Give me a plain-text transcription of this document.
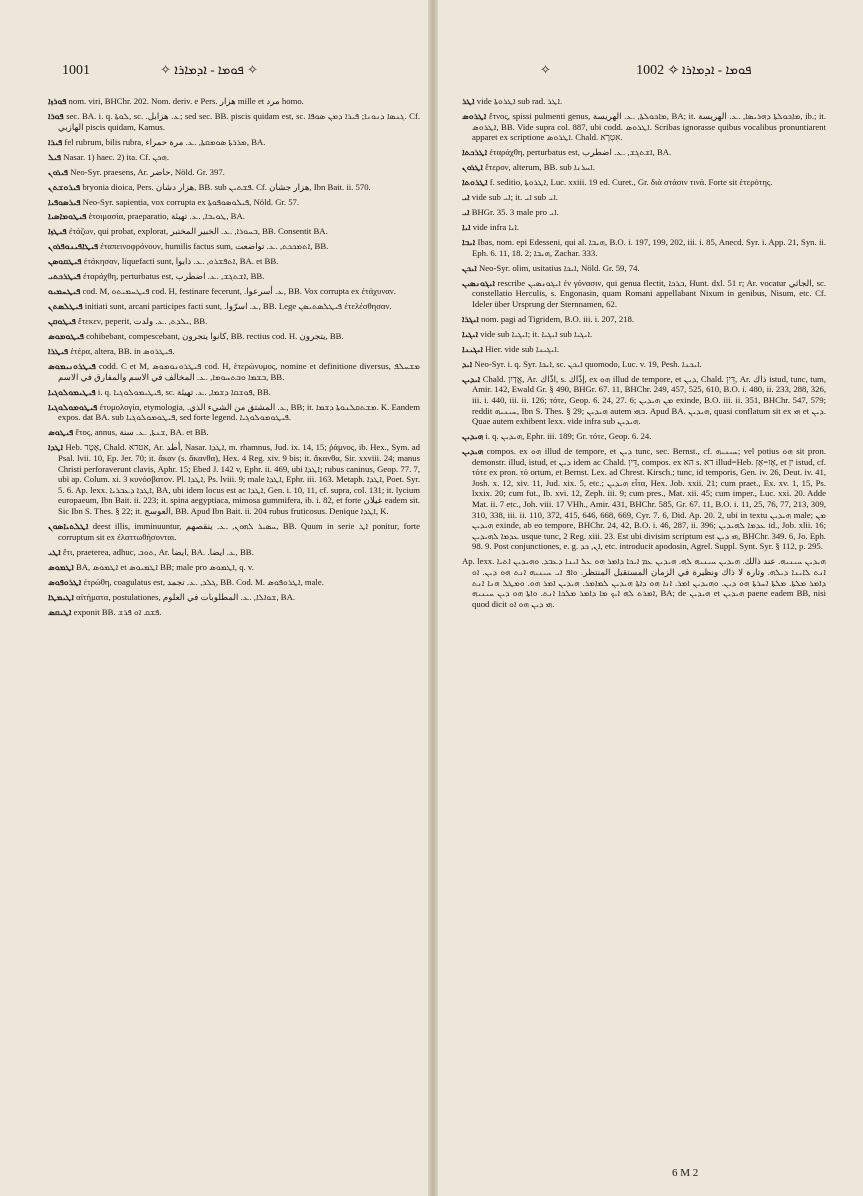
1001	✧ ܦܘܡܐ - ܐܕܡܐܪܐ ✧	✧ ܦܘܡܐ - ܐܕܡܐܪܐ ✧ 1002

ܦܘܪܙܐ nom. viri, BHChr. 202. Nom. deriv. e Pers. هزار mille et مرد homo.

ܦܘܪܐ sec. BA. i. q. ܠܘܬܐ, sc. .ܥ. هزابل; sed sec. BB. piscis quidam est, sc. ܓܢܣܐ ܕܢܘܢܐ; ܦܝܪܐ ܕܡܢ ܣܘܦܐ. Cf. الهازبي piscis quidam, Kamus.

ܦܝܪܐ fel rubrum, bilis rubra, ܡܪܪܬܐ ܣܘܡܩܬܐ, .ܥ. مرة حمراء, BA.

ܦܝܠ Nasar. 1) haec. 2) ita. Cf. ܗܟܢ.

ܦܝܪܘܢ Neo-Syr. praesens, Ar. حاضر, Nöld. Gr. 397.

ܦܝܪܘܫܬܢ bryonia dioica, Pers. هزار دشان, BB. sub ܦܫܬܝܢ. Cf. هزار جشان, Ibn Bait. ii. 570.

ܦܝܪܣܘܦܝܐ Neo-Syr. sapientia, vox corrupta ex ܦܝܠܘܣܘܦܘܬܐ, Nöld. Gr. 57.

ܦܝܛܘܡܐܣܝܐ ἑτοιμασία, praeparatio, ܛܘܝܒܐ, .ܥ. تهيئة, BA.

ܦܝܛܙܐ ἐτάζων, qui probat, explorat, ܒܚܘܪܐ, .ܥ. الخبير المختبر, BB. Consentit BA.

ܦܝܛܐܦܝܢܘܦܪܘܢ ἐταπεινοφρόνουν, humilis factus sum, ܐܬܡܟܟܬ, .ܥ. تواضعت, BB.

ܦܝܛܩܘܣܢ ἐτάκησαν, liquefacti sunt, ܐܬܦܫܪܘ, .ܥ. ذابوا, BA. et BB.

ܦܝܛܪܟܬܝ ἐταράχθη, perturbatus est, ܐܫܬܓܫ, .ܥ. اضطرب, BB.

ܦܝܛܚܡܝܘ cod. M, ܦܝܛܚܡܝܬܘ cod. H, festinare fecerunt, .ܥ. أسرعوا, BB. Vox corrupta ex ἐτάχυναν.

ܦܝܛܠܣܬܢ initiati sunt, arcani participes facti sunt, .ܥ. اسرّوا, BB. Lege ܦܝܛܠܣܬܝܣܢ ἐτελέσθησαν.

ܦܝܛܘܩܢ ἔτεκεν, peperit, ܝܠܕܬ, .ܥ. ولدت, BB.

ܦܝܛܘܡܘܣ cohibebant, compescebant, كانوا يتجرون, BB. rectius cod. H. يتجرون, BB.

ܦܝܛܪܐ ἑτέρα, altera, BB. in ܦܝܛܪܘܣ.

ܦܝܛܪܘܢܝܡܘܣ codd. C et M, ܦܝܛܪܘܢܘܡܘܣ cod. H, ἑτερώνυμος, nomine et definitione diversus, ܡܫܚܠܦ ܒܫܡܐ ܘܒܬܚܘܡܐ, .ܥ. المخالف في الاسم والمفارق في الاسم, BB.

ܦܝܛܝܡܘܠܘܓܝܐ i. q. ܦܝܛܝܡܘܠܘܓܝܐ, sc. ܦܘܫܩܐ ܕܫܡܐ, .ܥ. تهيئة, BB.

ܦܝܛܘܡܘܠܘܓܝܐ ἐτυμολογία, etymologia, .ܥ. المشتق من الشيء الذي, BB; it. ܡܫܬܩܠܢܘܬܐ ܕܫܡܐ. K. Eandem expos. dat BA. sub ܦܝܛܘܡܘܠܘܓܝܐ, sed forte legend. ܦܝܛܘܡܘܠܘܓܝܐ.

ܦܝܛܘܣ ἔτος, annus, ܫܢܬܐ, .ܥ. سنة, BA. et BB.

ܐܛܕܐ Heb. אָטָד, Chald. אטדא, Ar. أطد, Nasar. ܐܛܕܐ, m. rhamnus, Jud. ix. 14, 15; ῥάμνος, ib. Hex., Sym. ad Psal. lvii. 10, Ep. Jer. 70; it. ἄκαν (s. ἄκανθα), Hex. 4 Reg. xiv. 9 bis; it. ἄκανθα, Sir. xxviii. 24; manus Christi perforaverunt clavis, Aphr. 15; Ebed J. 142 v, Ephr. ii. 469, ubi ܐܛܕܐ; rubus caninus, Geop. 77. 7, ubi ap. Colum. xi. 3 κυνόσβατον. Pl. ܐܛܕܐ, Ps. lviii. 9; male ܐܛܕܐ, Ephr. iii. 163. Metaph. ܐܛܕܐ, Poet. Syr. 5. 6. Ap. lexx. ܐܛܕܐ ܕܥܒܪܝܐ, BA, ubi idem locus est ac ܐܛܕܐ, Gen. i. 10, 11, cf. supra, col. 131; it. lycium europaeum, Ibn Bait. ii. 223; it. spina aegyptiaca, mimosa gummifera, ib. i. 82, et forte غيلان eadem sit. Sic Ibn S. Thes. § 22; it. العوسج, BB. Apud Ibn Bait. ii. 204 rubus fruticosus. Denique ܐܛܕܐ, K.

ܐܛܠܬܝܐܣܘܢ deest illis, imminuuntur, ܚܣܝܪ ܠܗܘܢ, .ܥ. ينقصهم, BB. Quum in serie ܐܛ ponitur, forte corruptum sit ex ἐλαττωθήσονται.

ܐܛܝ ἔτι, praeterea, adhuc, ܬܘܒ, Ar. ايضا, BA. .ܥ. ايضا, BB.

ܐܛܡܘܣ BA, ܐܛܡܘܣ et ܐܛܡܝܘܣ BB; male pro ܐܛܡܘܣ, q. v.

ܐܛܪܘܦܘܣ ἐτρώθη, coagulatus est, ܓܠܕ, .ܥ. تجمد, BB. Cod. M. ܐܛܪܘܦܘܣ, male.

ܐܛܝܡܛܐ αἰτήματα, postulationes, ܫܘܐܠܐ, .ܥ. المطلوبات في العلوم, BA.

ܐܛܝܩܣ exponit BB. ܦܫܩ ܐܘ ܦܪܫ.

ܐܛܪ vide ܐܛܪܘܬܐ sub rad. ܐܛܪ.

ܐܛܪܘܣ ἔτνος, spissi pulmenti genus, ܡܐܟܘܠܬܐ, .ܥ. الهريسة, BA; it. ܡܐܟܘܠܬܐ ܕܗܪܝܣܐ, .ܥ. الهريسة, ib.; it. ܐܛܪܘܣ, BB. Vide supra col. 887, ubi codd. ܐܛܪܘܣ. Scribas ignorasse quibus vocalibus pronuntiarent apparet ex scriptione ܐܛܪܘܣ. Chald. אִטְרָא.

ܐܛܪܟܬܐ ἐταράχθη, perturbatus est, ܐܫܬܓܫ, .ܥ. اضطرب, BA.

ܐܛܪܘܢ ἕτερον, alterum, BB. sub ܐܚܪܢܐ.

ܐܛܪܘܬܐ f. seditio, ܐܛܪܘܬܐ, Luc. xxiii. 19 ed. Curet., Gr. διὰ στάσιν τινά. Forte sit ἑτερότης.

ܐܝ vide sub ܐܝ; it. ܐܝ sub ܐܝ.

ܐܝ BHGr. 35. 3 male pro ܐܝ.

ܐܝܐ vide infra ܐܝܐ.

ܐܝܒܐ Ibas, nom. epi Edesseni, qui al. ܗܝܒܐ, B.O. i. 197, 199, 202, iii. i. 85, Anecd. Syr. i. App. 21, Syn. ii. Eph. 6. 11, 18. 2; ܗܝܒܐ, Zachar. 333.

ܐܝܟܢ Neo-Syr. olim, usitatius ܐܝܟܐ, Nöld. Gr. 59, 74.

ܐܝܓܘܢܣܝܢ rescribe ܐܝܓܘܢܣܝܢ ἐν γόνασιν, qui genua flectit, ܒܪܟܐ, Hunt. dxl. 51 r; Ar. vocatur الجاثي, sc. constellatio Herculis, s. Engonasin, quam Romani appellabant Nixum in genibus, Nisum, etc. Cf. Ideler über Ursprung der Sternnamen, 62.

ܐܝܓܪܐ nom. pagi ad Tigridem, B.O. iii. i. 207, 218.

ܐܝܓܝܐ vide sub ܐܝܓܝܐ; it. ܐܝܓܝܐ sub ܐܝܓܝܐ.

ܐܝܓܝܢܐ Hier. vide sub ܐܝܓܝܢܐ.

ܐܝܕ Neo-Syr. i. q. Syr. ܐܝܟܐ, sc. ܐܝܟܢ quomodo, Luc. v. 19, Pesh. ܐܝܟܢܐ.

ܐܝܕܝܢ Chald. אֱדַיִן, Ar. اذّاك, s. إذّاك, ex ܗܘ illud de tempore, et ܕܝܢ, Chald. דֵּין, Ar. ذاك istud, tunc, tum, Amir. 142, Ewald Gr. § 490, BHGr. 67. 11, BHChr. 249, 457, 525, 610, B.O. i. 480, ii. 233, 288, 326, iii. i. 440, iii. ii. 126; τότε, Geop. 6. 24, 27. 6; ܡܢ ܗܝܕܝܢ exinde, B.O. iii. ii. 351, BHChr. 547, 579; reddit ܚܝܢܝܗ, Ibn S. Thes. § 29; ܗܝܕܝܢ autem ܒܗܝ. Apud BA. ܗܝܕܝܢ, quasi conflatum sit ex ܗܝ et ܕܝܢ. Quae autem exhibent lexx. vide infra sub ܗܝܕܝܢ.

ܗܝܕܝܢ i. q. ܗܝܕܝܢ, Ephr. iii. 189; Gr. τότε, Geop. 6. 24.

ܗܝܕܝܢ compos. ex ܗܘ illud de tempore, et ܕܝܢ tunc, sec. Bernst., cf. ܚܝܢܝܗ; vel potius ܗܘ sit pron. demonstr. illud, istud, et ܕܝܢ idem ac Chald. דֵּין, compos. ex הא s. דא illud=Heb. אֶז=אֶזְ, et ין istud, cf. τότε ex pron. τό ortum, et Bernst. Lex. ad Chrest. Kirsch.; tunc, id temporis, Gen. iv. 26, Deut. iv. 41, Josh. x. 12, xiv. 11, Jud. xix. 5, etc.; ܗܝܕܝܢ εἶτα, Hex. Job. xxii. 21; cum praet., Ex. xv. 1, 15, Ps. lxxix. 20; cum fut., Ib. xvi. 12, Zeph. iii. 9; cum pres., Mat. xii. 45; cum imper., Luc. xxi. 20. Adde Mat. ii. 7 etc., Joh. viii. 17 VHh., Amir. 431, BHChr. 585, Gr. 67. 11, B.O. i. 11, 25, 76, 77, 213, 309, 310, 338, iii. ii. 110, 372, 415, 646, 668, 669, Cyr. 7. 6, Did. Ap. 20. 2, ubi in textu ܗܝܕܝܢ male; ܡܢ ܗܝܕܝܢ exinde, ab eo tempore, BHChr. 24, 42, B.O. i. 46, 287, ii. 396; ܥܕܡܐ ܠܗܝܕܝܢ id., Job. xlii. 16; ܥܕܡܐ ܠܗܝܕܝܢ usque tunc, 2 Reg. xiii. 23. Est ubi divisim scriptum est ܗܝ ܕܝܢ, BHChr. 349. 6, Jo. Eph. 98. 9. Post conjunctiones, e. g. ܐܢ, ܟܕ, etc. introducit apodosin, Agrel. Suppl. Synt. Syr. § 112, p. 295.

Ap. lexx. ܗܝܕܝܢ ܚܝܢܝܗ. عند ذالك. ܗܝܕܝܢ ܚܝܢܝܗ ܠܗ. ܗܝܕܝܢ ܥܡ ܐܝܟܐ ܕܐܡܪ ܗܘ ܥܠ ܐܝܢܐ ܕܥܒܕ. ܘܗܝܕܝܢ ܐܬܝܐ ܐܢܬ ܠܐܝܢܐ ܕܝܠܗ. وتارة لا ذاك ونظيرة في الزمان المستقبل المنتظر. ܘܐܦ ܐܝ ܚܝܢܝܗ ܐܢܬ ܗܘ ܕܝܢ. ܐܘ ܕܐܡܪ ܡܠܬܐ. ܡܠܬܐ ܐܚܪܬܐ ܗܘ ܕܝܢ. ܘܗܝܕܝܢ ܐܡܪ. ܐܢܐ ܗܘ ܕܐܬܐ ܗܝܕܝܢ ܠܡܐܡܪ. ܗܝܕܝܢ ܐܡܪ ܗܘ. ܘܡܛܠ ܗܢܐ ܐܢܬ ܐܡܪܬ ܠܗ ܐܝܟ ܡܐ ܕܐܡܪ ܡܠܟܐ ܐܢܬ. ܘܐܬܐ ܗܘ ܕܝܢ ܚܝܢܝܗ, BA; de ܗܝܕܝܢ et ܗܝܕܝܢ paene eadem BB, nisi quod dicit ܗܝ ܕܝܢ ܗܘ ܐܘ.

6 M 2
